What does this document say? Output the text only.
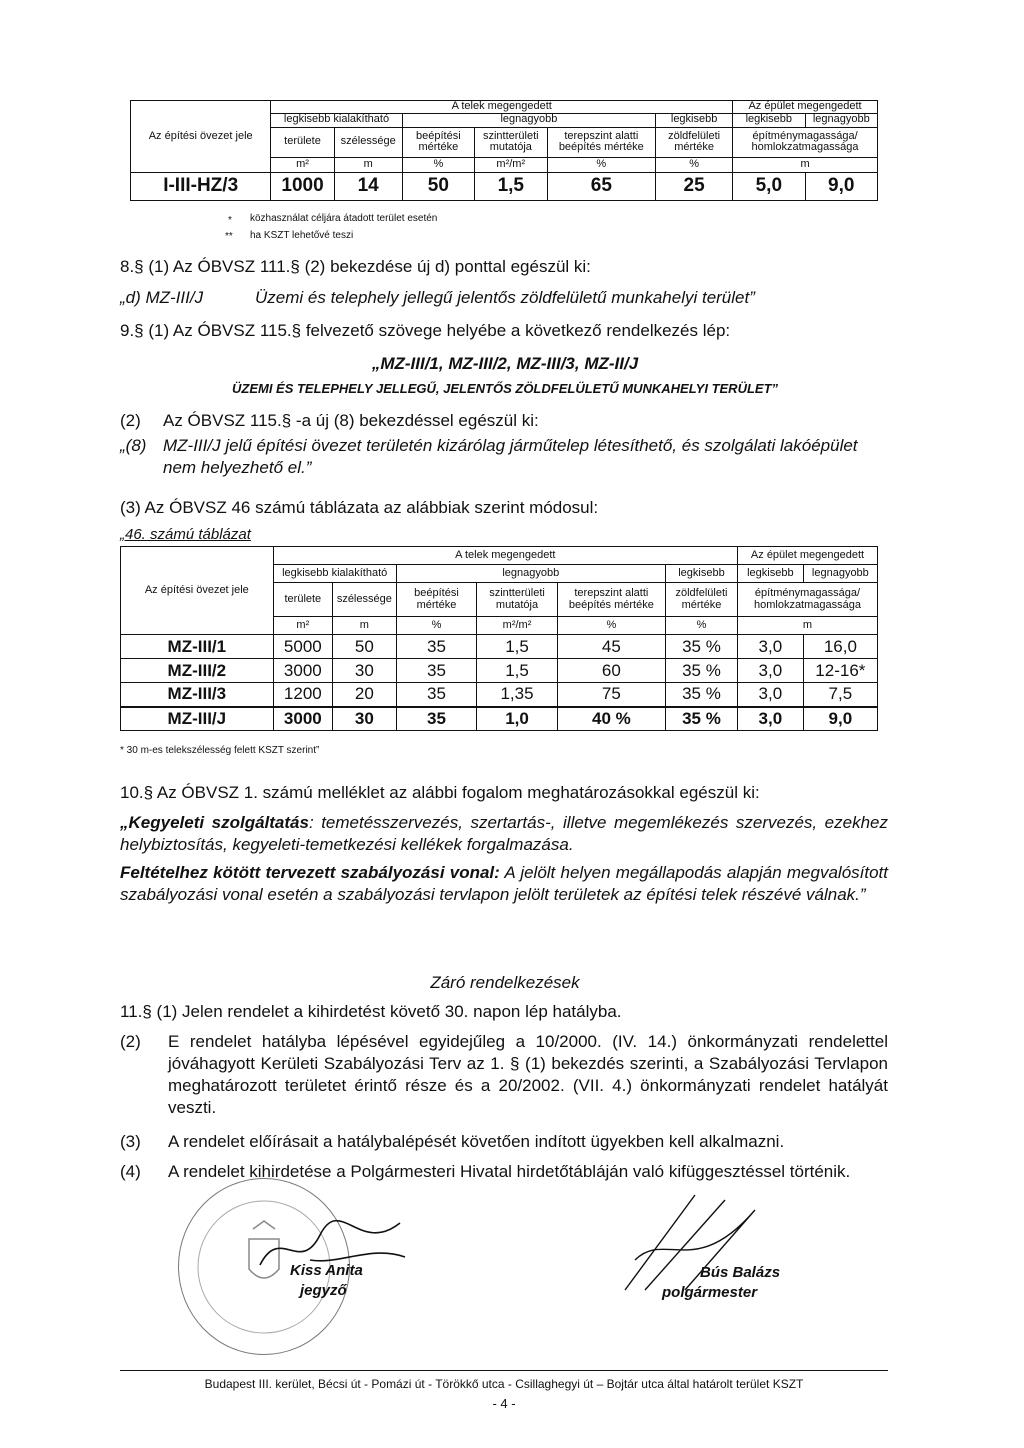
Az építési övezet jele	A telek megengedett						Az épület megengedett	
	legkisebb kialakítható		legnagyobb			legkisebb	legkisebb	legnagyobb
	területe	szélessége	beépítési mértéke	szintterületi mutatója	terepszint alatti beépítés mértéke	zöldfelületi mértéke	építménymagassága/ homlokzatmagassága	
	m²	m	%	m²/m²	%	%	m	
I-III-HZ/3	1000	14	50	1,5	65	25	5,0	9,0
* közhasználat céljára átadott terület esetén
** ha KSZT lehetővé teszi
8.§ (1) Az ÓBVSZ 111.§ (2) bekezdése új d) ponttal egészül ki:
„d) MZ-III/J	Üzemi és telephely jellegű jelentős zöldfelületű munkahelyi terület”
9.§ (1) Az ÓBVSZ 115.§ felvezető szövege helyébe a következő rendelkezés lép:
„MZ-III/1, MZ-III/2, MZ-III/3, MZ-II/J
ÜZEMI ÉS TELEPHELY JELLEGŰ, JELENTŐS ZÖLDFELÜLETŰ MUNKAHELYI TERÜLET”
(2) Az ÓBVSZ 115.§ -a új (8) bekezdéssel egészül ki:
„(8) MZ-III/J jelű építési övezet területén kizárólag járműtelep létesíthető, és szolgálati lakóépület nem helyezhető el.”
(3) Az ÓBVSZ 46 számú táblázata az alábbiak szerint módosul:
„46. számú táblázat
Az építési övezet jele	A telek megengedett						Az épület megengedett	
	legkisebb kialakítható		legnagyobb			legkisebb	legkisebb	legnagyobb
	területe	szélessége	beépítési mértéke	szintterületi mutatója	terepszint alatti beépítés mértéke	zöldfelületi mértéke	építménymagassága/ homlokzatmagassága	
	m²	m	%	m²/m²	%	%	m	
MZ-III/1	5000	50	35	1,5	45	35 %	3,0	16,0
MZ-III/2	3000	30	35	1,5	60	35 %	3,0	12-16*
MZ-III/3	1200	20	35	1,35	75	35 %	3,0	7,5
MZ-III/J	3000	30	35	1,0	40 %	35 %	3,0	9,0
* 30 m-es telekszélesség felett KSZT szerint”
10.§ Az ÓBVSZ 1. számú melléklet az alábbi fogalom meghatározásokkal egészül ki:
„Kegyeleti szolgáltatás: temetésszervezés, szertartás-, illetve megemlékezés szervezés, ezekhez helybiztosítás, kegyeleti-temetkezési kellékek forgalmazása.
Feltételhez kötött tervezett szabályozási vonal: A jelölt helyen megállapodás alapján megvalósított szabályozási vonal esetén a szabályozási tervlapon jelölt területek az építési telek részévé válnak.”
Záró rendelkezések
11.§ (1) Jelen rendelet a kihirdetést követő 30. napon lép hatályba.
(2) E rendelet hatályba lépésével egyidejűleg a 10/2000. (IV. 14.) önkormányzati rendelettel jóváhagyott Kerületi Szabályozási Terv az 1. § (1) bekezdés szerinti, a Szabályozási Tervlapon meghatározott területet érintő része és a 20/2002. (VII. 4.) önkormányzati rendelet hatályát veszti.
(3) A rendelet előírásait a hatálybalépését követően indított ügyekben kell alkalmazni.
(4) A rendelet kihirdetése a Polgármesteri Hivatal hirdetőtábláján való kifüggesztéssel történik.
Kiss Anita
jegyző
Bús Balázs
polgármester
Budapest III. kerület, Bécsi út - Pomázi út - Törökkő utca - Csillaghegyi út – Bojtár utca által határolt terület KSZT
- 4 -
